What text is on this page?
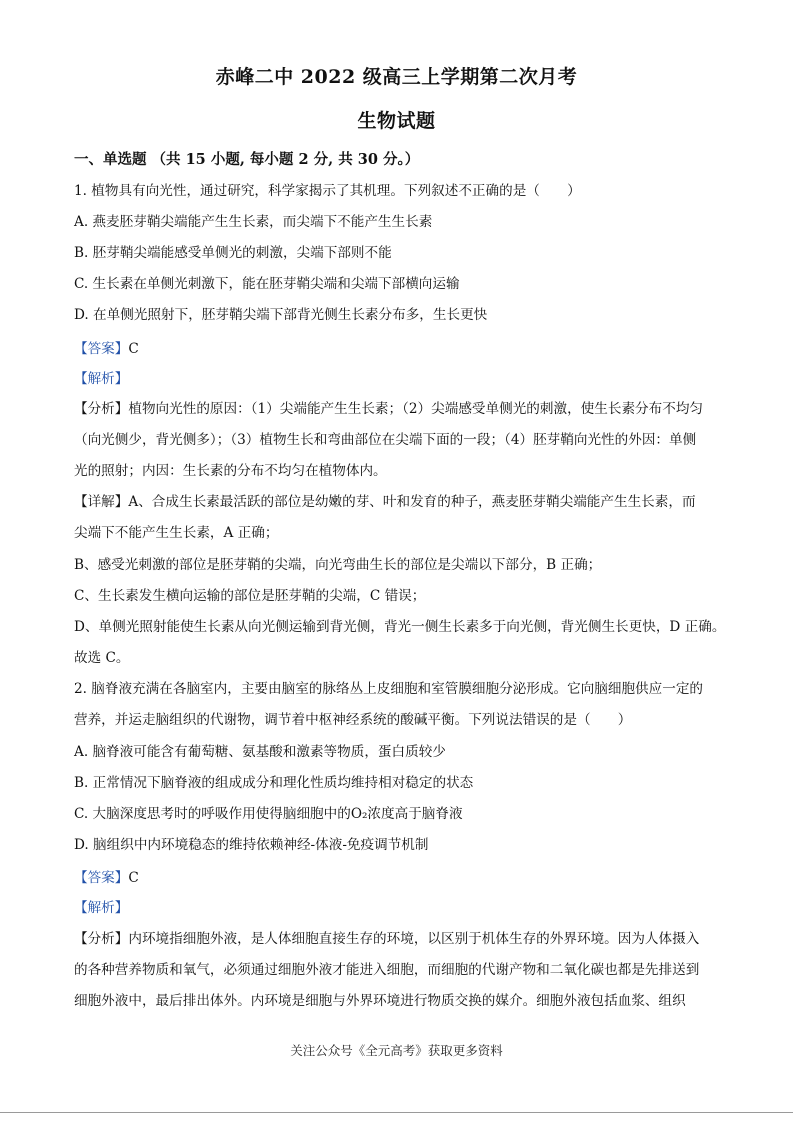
赤峰二中 2022 级高三上学期第二次月考
生物试题
一、单选题 （共 15 小题, 每小题 2 分, 共 30 分。）
1. 植物具有向光性，通过研究，科学家揭示了其机理。下列叙述不正确的是（　　）
A. 燕麦胚芽鞘尖端能产生生长素，而尖端下不能产生生长素
B. 胚芽鞘尖端能感受单侧光的刺激，尖端下部则不能
C. 生长素在单侧光刺激下，能在胚芽鞘尖端和尖端下部横向运输
D. 在单侧光照射下，胚芽鞘尖端下部背光侧生长素分布多，生长更快
【答案】C
【解析】
【分析】植物向光性的原因：（1）尖端能产生生长素；（2）尖端感受单侧光的刺激，使生长素分布不均匀
（向光侧少，背光侧多）；（3）植物生长和弯曲部位在尖端下面的一段；（4）胚芽鞘向光性的外因：单侧
光的照射；内因：生长素的分布不均匀在植物体内。
【详解】A、合成生长素最活跃的部位是幼嫩的芽、叶和发育的种子，燕麦胚芽鞘尖端能产生生长素，而
尖端下不能产生生长素，A 正确；
B、感受光刺激的部位是胚芽鞘的尖端，向光弯曲生长的部位是尖端以下部分，B 正确；
C、生长素发生横向运输的部位是胚芽鞘的尖端，C 错误；
D、单侧光照射能使生长素从向光侧运输到背光侧，背光一侧生长素多于向光侧，背光侧生长更快，D 正确。
故选 C。
2. 脑脊液充满在各脑室内，主要由脑室的脉络丛上皮细胞和室管膜细胞分泌形成。它向脑细胞供应一定的
营养，并运走脑组织的代谢物，调节着中枢神经系统的酸碱平衡。下列说法错误的是（　　）
A. 脑脊液可能含有葡萄糖、氨基酸和激素等物质，蛋白质较少
B. 正常情况下脑脊液的组成成分和理化性质均维持相对稳定的状态
C. 大脑深度思考时的呼吸作用使得脑细胞中的O₂浓度高于脑脊液
D. 脑组织中内环境稳态的维持依赖神经-体液-免疫调节机制
【答案】C
【解析】
【分析】内环境指细胞外液，是人体细胞直接生存的环境，以区别于机体生存的外界环境。因为人体摄入
的各种营养物质和氧气，必须通过细胞外液才能进入细胞，而细胞的代谢产物和二氧化碳也都是先排送到
细胞外液中，最后排出体外。内环境是细胞与外界环境进行物质交换的媒介。细胞外液包括血浆、组织
关注公众号《全元高考》获取更多资料
